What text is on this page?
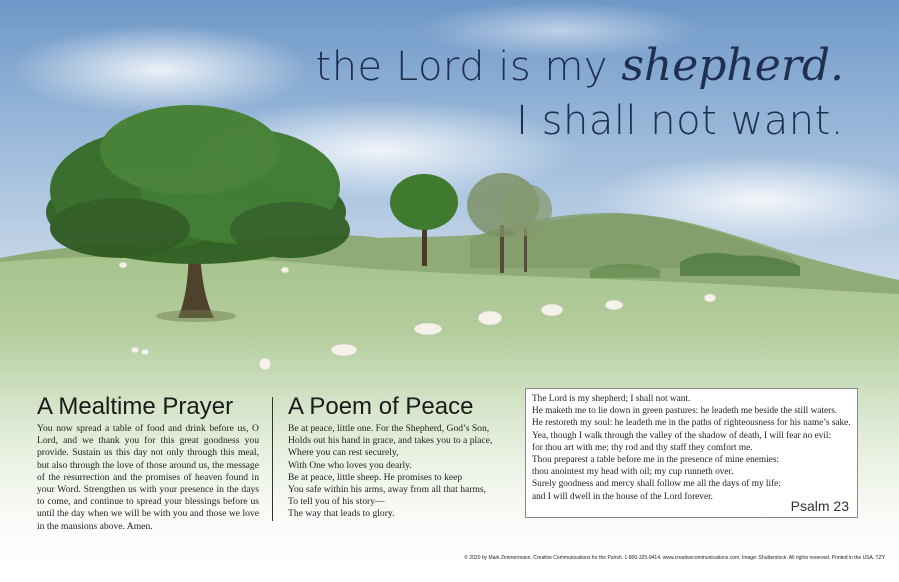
the Lord is my shepherd.
I shall not want.
A Mealtime Prayer
You now spread a table of food and drink before us, O Lord, and we thank you for this great goodness you provide. Sustain us this day not only through this meal, but also through the love of those around us, the message of the resurrection and the promises of heaven found in your Word. Strengthen us with your presence in the days to come, and continue to spread your blessings before us until the day when we will be with you and those we love in the mansions above. Amen.
A Poem of Peace
Be at peace, little one. For the Shepherd, God’s Son,
Holds out his hand in grace, and takes you to a place,
Where you can rest securely,
With One who loves you dearly.
Be at peace, little sheep. He promises to keep
You safe within his arms, away from all that harms,
To tell you of his story—
The way that leads to glory.
The Lord is my shepherd; I shall not want.
He maketh me to lie down in green pastures: he leadeth me beside the still waters.
He restoreth my soul: he leadeth me in the paths of righteousness for his name’s sake.
Yea, though I walk through the valley of the shadow of death, I will fear no evil:
for thou art with me; thy rod and thy staff they comfort me.
Thou preparest a table before me in the presence of mine enemies:
thou anointest my head with oil; my cup runneth over.
Surely goodness and mercy shall follow me all the days of my life:
and I will dwell in the house of the Lord forever.
Psalm 23
© 2020 by Mark Zimmermann. Creative Communications for the Parish. 1-800-325-9414. www.creativecommunications.com. Image: Shutterstock. All rights reserved. Printed in the USA. TZY
